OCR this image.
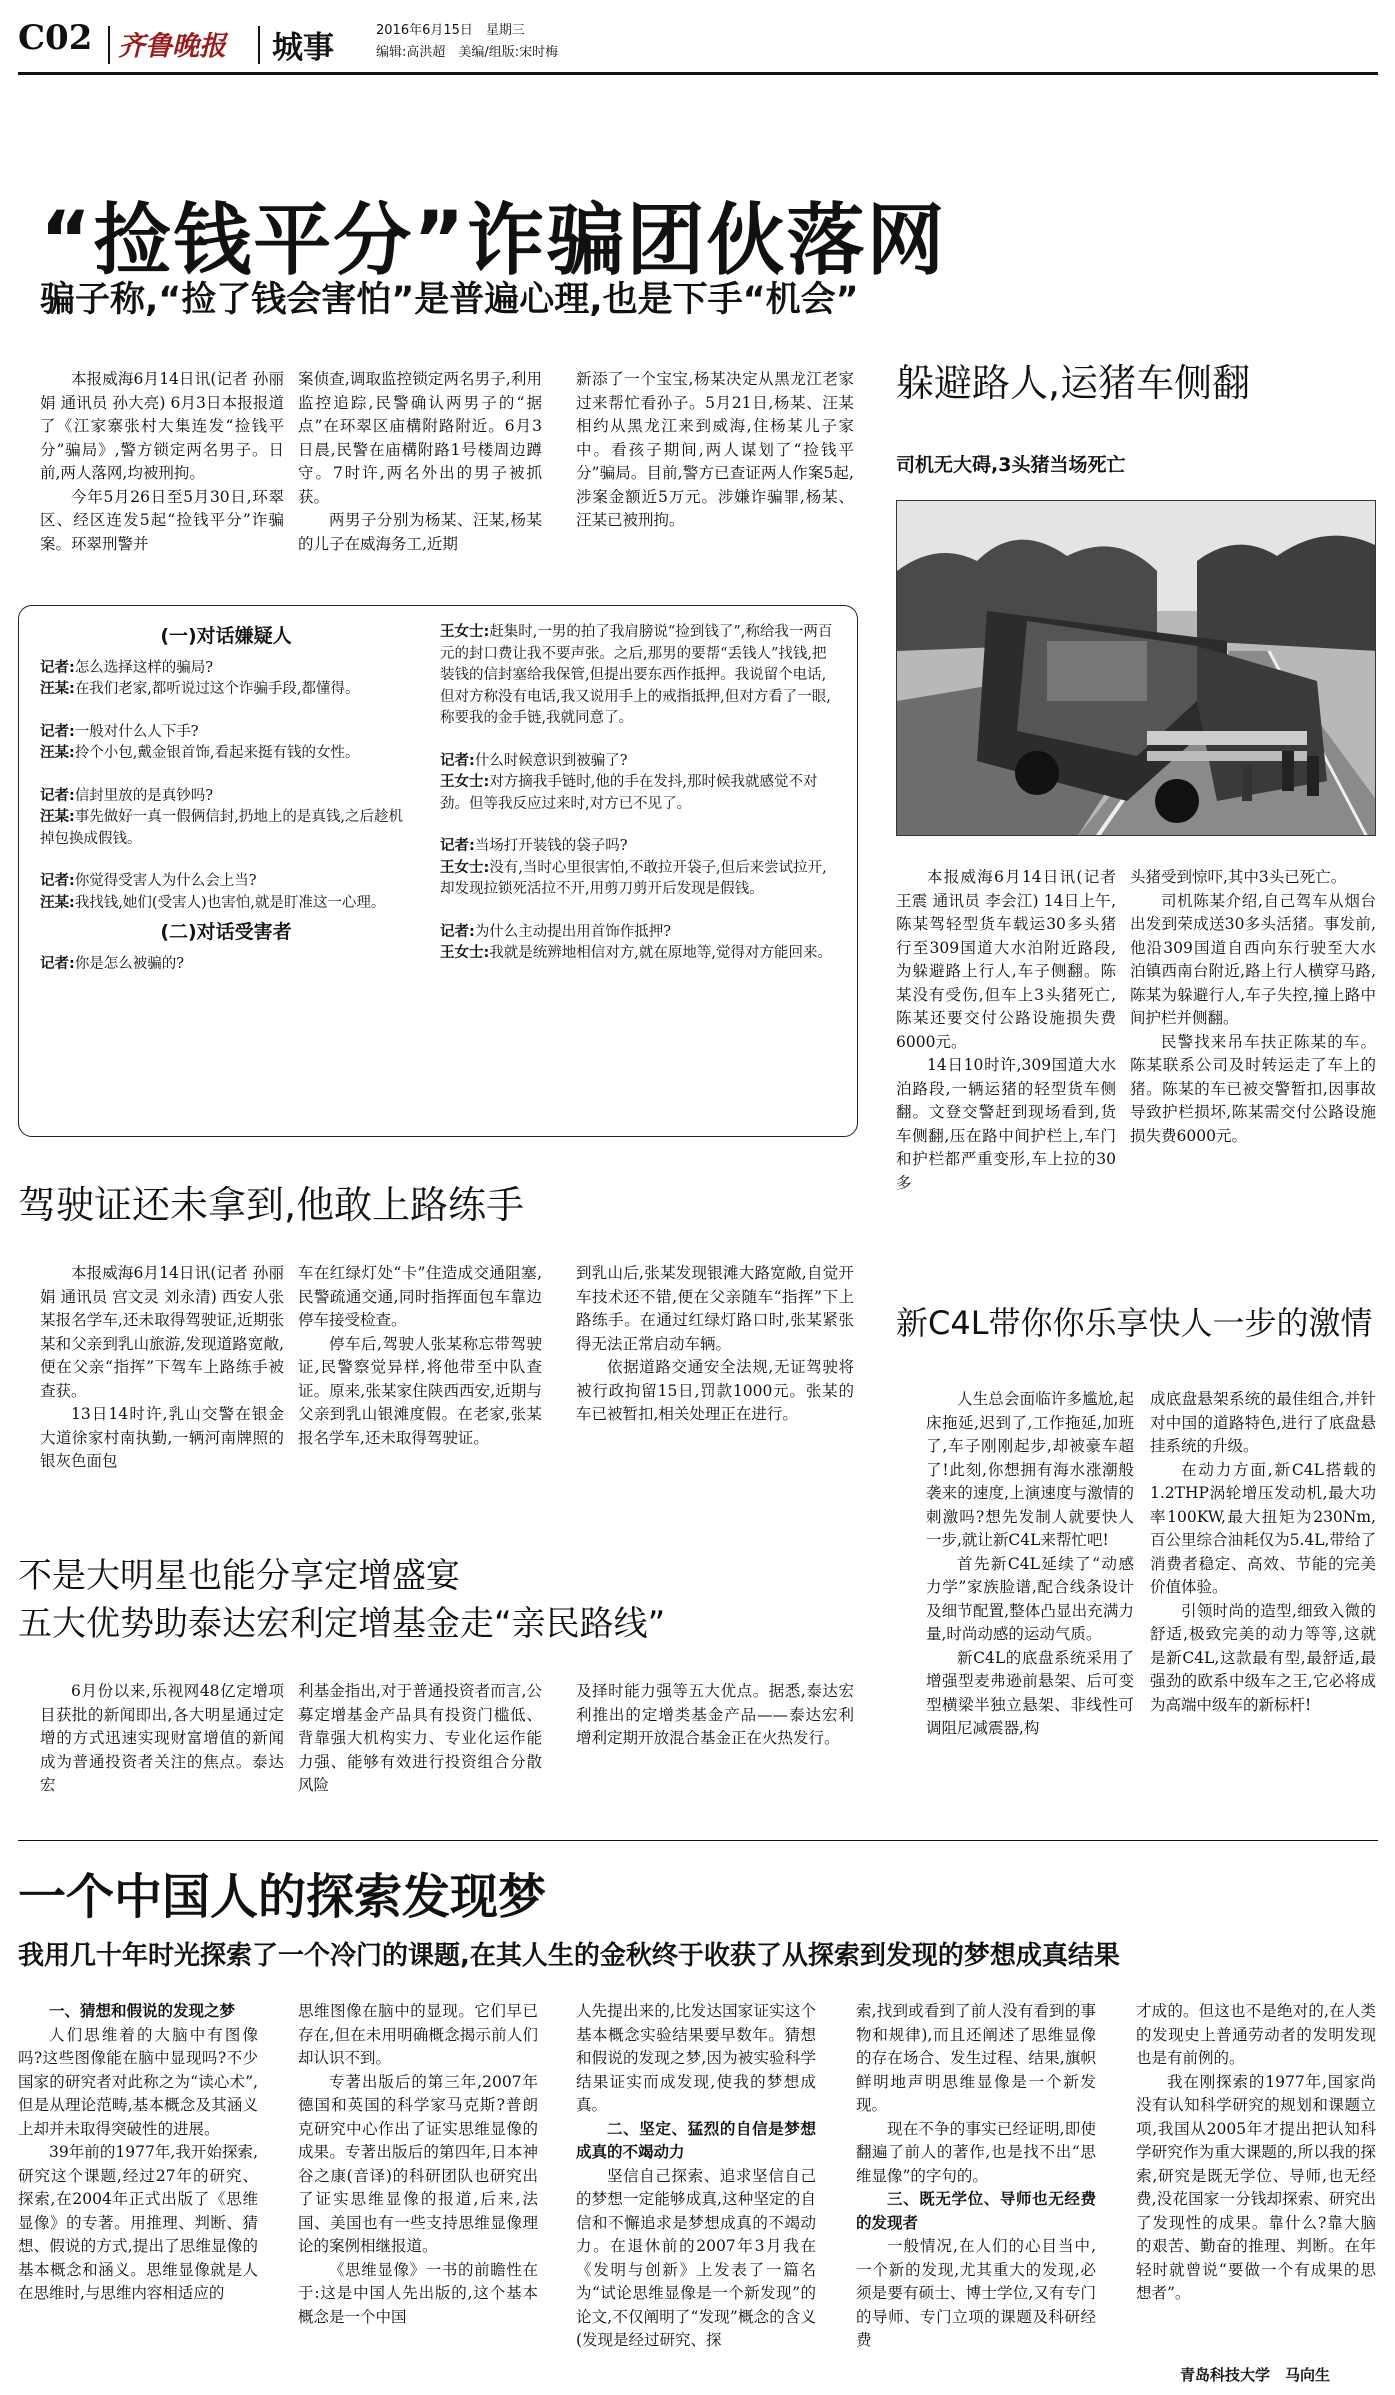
C02 齐鲁晚报 城事	2016年6月15日　星期三
编辑:高洪超　美编/组版:宋时梅
“捡钱平分”诈骗团伙落网
骗子称,“捡了钱会害怕”是普遍心理,也是下手“机会”

本报威海6月14日讯(记者 孙丽娟 通讯员 孙大亮) 6月3日本报报道了《江家寨张村大集连发“捡钱平分”骗局》,警方锁定两名男子。日前,两人落网,均被刑拘。

今年5月26日至5月30日,环翠区、经区连发5起“捡钱平分”诈骗案。环翠刑警并

案侦查,调取监控锁定两名男子,利用监控追踪,民警确认两男子的“据点”在环翠区庙構附路附近。6月3日晨,民警在庙構附路1号楼周边蹲守。7时许,两名外出的男子被抓获。

两男子分别为杨某、汪某,杨某的儿子在威海务工,近期

新添了一个宝宝,杨某决定从黑龙江老家过来帮忙看孙子。5月21日,杨某、汪某相约从黑龙江来到威海,住杨某儿子家中。看孩子期间,两人谋划了“捡钱平分”骗局。目前,警方已查证两人作案5起,涉案金额近5万元。涉嫌诈骗罪,杨某、汪某已被刑拘。

(一)对话嫌疑人
记者:怎么选择这样的骗局?
汪某:在我们老家,都听说过这个诈骗手段,都懂得。
记者:一般对什么人下手?
汪某:拎个小包,戴金银首饰,看起来挺有钱的女性。
记者:信封里放的是真钞吗?
汪某:事先做好一真一假俩信封,扔地上的是真钱,之后趁机掉包换成假钱。
记者:你觉得受害人为什么会上当?
汪某:我找钱,她们(受害人)也害怕,就是盯准这一心理。
(二)对话受害者
记者:你是怎么被骗的?
王女士:赶集时,一男的拍了我肩膀说“捡到钱了”,称给我一两百元的封口费让我不要声张。之后,那男的要帮“丢钱人”找钱,把装钱的信封塞给我保管,但提出要东西作抵押。我说留个电话,但对方称没有电话,我又说用手上的戒指抵押,但对方看了一眼,称要我的金手链,我就同意了。
记者:什么时候意识到被骗了?
王女士:对方摘我手链时,他的手在发抖,那时候我就感觉不对劲。但等我反应过来时,对方已不见了。
记者:当场打开装钱的袋子吗?
王女士:没有,当时心里很害怕,不敢拉开袋子,但后来尝试拉开,却发现拉锁死活拉不开,用剪刀剪开后发现是假钱。
记者:为什么主动提出用首饰作抵押?
王女士:我就是统辨地相信对方,就在原地等,觉得对方能回来。
躲避路人,运猪车侧翻
司机无大碍,3头猪当场死亡

本报威海6月14日讯(记者 王震 通讯员 李会江) 14日上午,陈某驾轻型货车载运30多头猪行至309国道大水泊附近路段,为躲避路上行人,车子侧翻。陈某没有受伤,但车上3头猪死亡,陈某还要交付公路设施损失费6000元。

14日10时许,309国道大水泊路段,一辆运猪的轻型货车侧翻。文登交警赶到现场看到,货车侧翻,压在路中间护栏上,车门和护栏都严重变形,车上拉的30多

头猪受到惊吓,其中3头已死亡。

司机陈某介绍,自己驾车从烟台出发到荣成送30多头活猪。事发前,他沿309国道自西向东行驶至大水泊镇西南台附近,路上行人横穿马路,陈某为躲避行人,车子失控,撞上路中间护栏并侧翻。

民警找来吊车扶正陈某的车。陈某联系公司及时转运走了车上的猪。陈某的车已被交警暂扣,因事故导致护栏损坏,陈某需交付公路设施损失费6000元。

驾驶证还未拿到,他敢上路练手

本报威海6月14日讯(记者 孙丽娟 通讯员 宫文灵 刘永清) 西安人张某报名学车,还未取得驾驶证,近期张某和父亲到乳山旅游,发现道路宽敞,便在父亲“指挥”下驾车上路练手被查获。

13日14时许,乳山交警在银金大道徐家村南执勤,一辆河南牌照的银灰色面包

车在红绿灯处“卡”住造成交通阻塞,民警疏通交通,同时指挥面包车靠边停车接受检查。

停车后,驾驶人张某称忘带驾驶证,民警察觉异样,将他带至中队查证。原来,张某家住陕西西安,近期与父亲到乳山银滩度假。在老家,张某报名学车,还未取得驾驶证。

到乳山后,张某发现银滩大路宽敞,自觉开车技术还不错,便在父亲随车“指挥”下上路练手。在通过红绿灯路口时,张某紧张得无法正常启动车辆。

依据道路交通安全法规,无证驾驶将被行政拘留15日,罚款1000元。张某的车已被暂扣,相关处理正在进行。

不是大明星也能分享定增盛宴
五大优势助泰达宏利定增基金走“亲民路线”

6月份以来,乐视网48亿定增项目获批的新闻即出,各大明星通过定增的方式迅速实现财富增值的新闻成为普通投资者关注的焦点。泰达宏

利基金指出,对于普通投资者而言,公募定增基金产品具有投资门槛低、背靠强大机构实力、专业化运作能力强、能够有效进行投资组合分散风险

及择时能力强等五大优点。据悉,泰达宏利推出的定增类基金产品——泰达宏利增利定期开放混合基金正在火热发行。

新C4L带你你乐享快人一步的激情

人生总会面临许多尴尬,起床拖延,迟到了,工作拖延,加班了,车子刚刚起步,却被豪车超了!此刻,你想拥有海水涨潮般袭来的速度,上演速度与激情的刺激吗?想先发制人就要快人一步,就让新C4L来帮忙吧!

首先新C4L延续了“动感力学”家族脸谱,配合线条设计及细节配置,整体凸显出充满力量,时尚动感的运动气质。

新C4L的底盘系统采用了增强型麦弗逊前悬架、后可变型横梁半独立悬架、非线性可调阻尼减震器,构

成底盘悬架系统的最佳组合,并针对中国的道路特色,进行了底盘悬挂系统的升级。

在动力方面,新C4L搭载的1.2THP涡轮增压发动机,最大功率100KW,最大扭矩为230Nm,百公里综合油耗仅为5.4L,带给了消费者稳定、高效、节能的完美价值体验。

引领时尚的造型,细致入微的舒适,极致完美的动力等等,这就是新C4L,这款最有型,最舒适,最强劲的欧系中级车之王,它必将成为高端中级车的新标杆!

一个中国人的探索发现梦
我用几十年时光探索了一个冷门的课题,在其人生的金秋终于收获了从探索到发现的梦想成真结果

一、猜想和假说的发现之梦

人们思维着的大脑中有图像吗?这些图像能在脑中显现吗?不少国家的研究者对此称之为“读心术”,但是从理论范畴,基本概念及其涵义上却并未取得突破性的进展。

39年前的1977年,我开始探索,研究这个课题,经过27年的研究、探索,在2004年正式出版了《思维显像》的专著。用推理、判断、猜想、假说的方式,提出了思维显像的基本概念和涵义。思维显像就是人在思维时,与思维内容相适应的

思维图像在脑中的显现。它们早已存在,但在未用明确概念揭示前人们却认识不到。

专著出版后的第三年,2007年德国和英国的科学家马克斯?普朗克研究中心作出了证实思维显像的成果。专著出版后的第四年,日本神谷之康(音译)的科研团队也研究出了证实思维显像的报道,后来,法国、美国也有一些支持思维显像理论的案例相继报道。

《思维显像》一书的前瞻性在于:这是中国人先出版的,这个基本概念是一个中国

人先提出来的,比发达国家证实这个基本概念实验结果要早数年。猜想和假说的发现之梦,因为被实验科学结果证实而成发现,使我的梦想成真。

二、坚定、猛烈的自信是梦想成真的不竭动力

坚信自己探索、追求坚信自己的梦想一定能够成真,这种坚定的自信和不懈追求是梦想成真的不竭动力。在退休前的2007年3月我在《发明与创新》上发表了一篇名为“试论思维显像是一个新发现”的论文,不仅阐明了“发现”概念的含义(发现是经过研究、探

索,找到或看到了前人没有看到的事物和规律),而且还阐述了思维显像的存在场合、发生过程、结果,旗帜鲜明地声明思维显像是一个新发现。

现在不争的事实已经证明,即使翻遍了前人的著作,也是找不出“思维显像”的字句的。

三、既无学位、导师也无经费的发现者

一般情况,在人们的心目当中,一个新的发现,尤其重大的发现,必须是要有硕士、博士学位,又有专门的导师、专门立项的课题及科研经费

才成的。但这也不是绝对的,在人类的发现史上普通劳动者的发明发现也是有前例的。

我在刚探索的1977年,国家尚没有认知科学研究的规划和课题立项,我国从2005年才提出把认知科学研究作为重大课题的,所以我的探索,研究是既无学位、导师,也无经费,没花国家一分钱却探索、研究出了发现性的成果。靠什么?靠大脑的艰苦、勤奋的推理、判断。在年轻时就曾说“要做一个有成果的思想者”。

青岛科技大学　马向生
